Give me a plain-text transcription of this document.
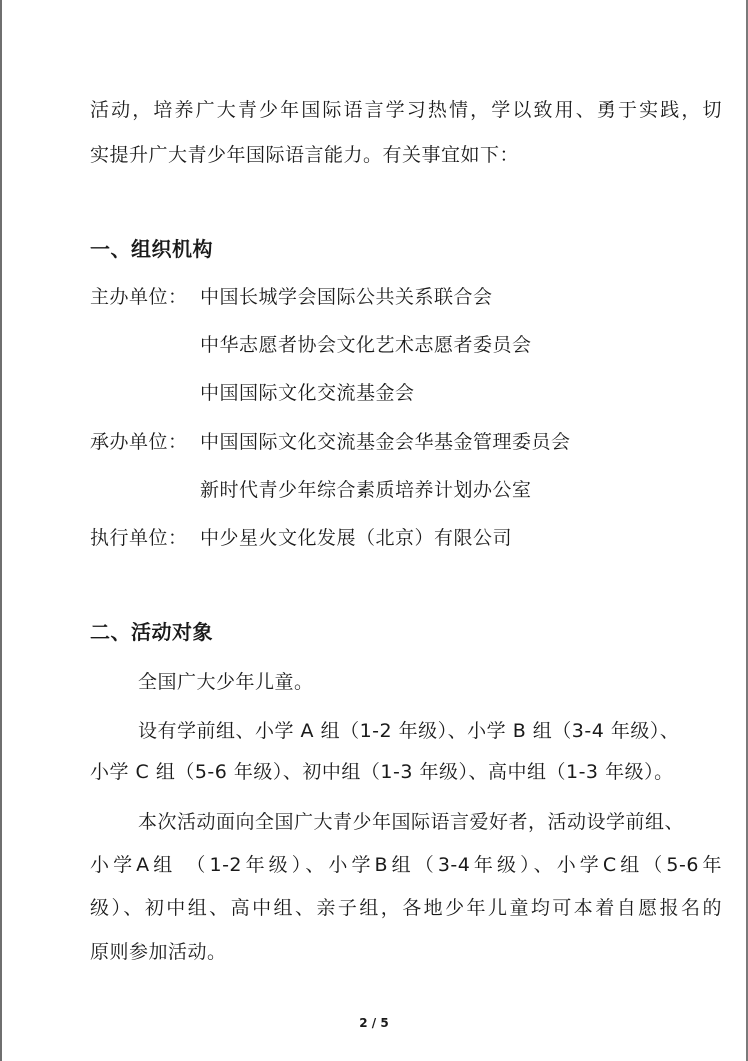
活动，培养广大青少年国际语言学习热情，学以致用、勇于实践，切
实提升广大青少年国际语言能力。有关事宜如下：
一、组织机构
主办单位： 中国长城学会国际公共关系联合会
中华志愿者协会文化艺术志愿者委员会
中国国际文化交流基金会
承办单位： 中国国际文化交流基金会华基金管理委员会
新时代青少年综合素质培养计划办公室
执行单位： 中少星火文化发展（北京）有限公司
二、活动对象
全国广大少年儿童。
设有学前组、小学 A 组（1-2 年级）、小学 B 组（3-4 年级）、
小学 C 组（5-6 年级）、初中组（1-3 年级）、高中组（1-3 年级）。
本次活动面向全国广大青少年国际语言爱好者，活动设学前组、
小学A组 （1-2年级）、小学B组（3-4年级）、小学C组（5-6年
级）、初中组、高中组、亲子组，各地少年儿童均可本着自愿报名的
原则参加活动。
2 / 5
